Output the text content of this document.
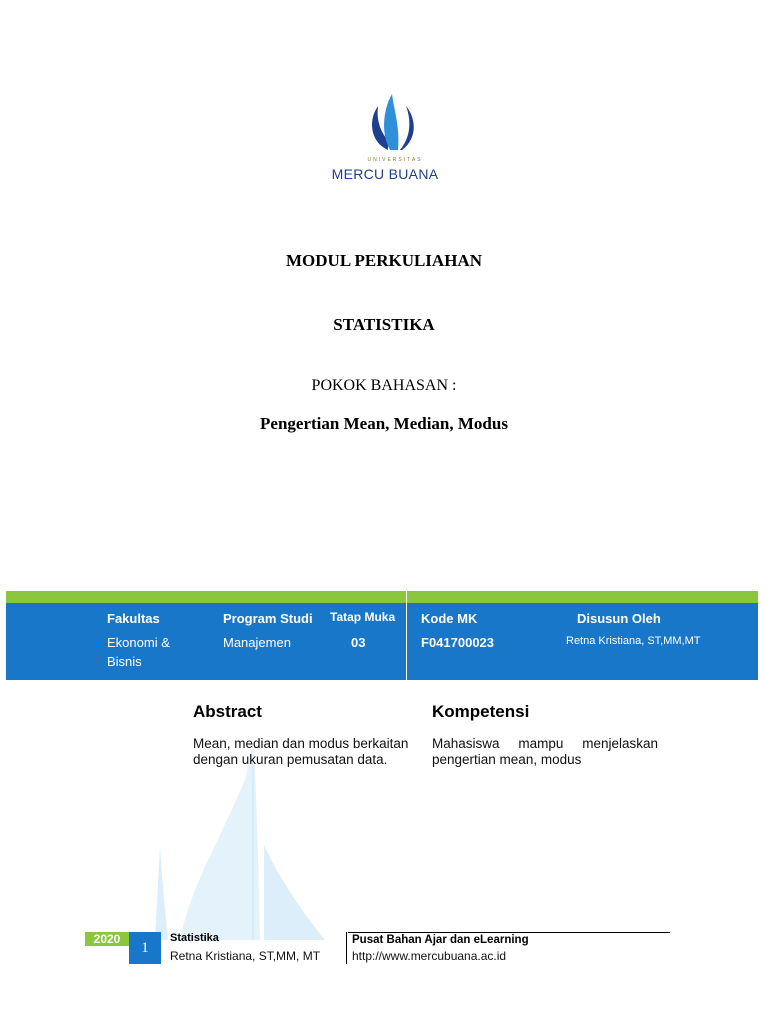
UNIVERSITAS
MERCU BUANA
MODUL PERKULIAHAN
STATISTIKA
POKOK BAHASAN :
Pengertian Mean, Median, Modus
Fakultas
Ekonomi &
Bisnis
Program Studi
Manajemen
Tatap Muka
03
Kode MK
F041700023
Disusun Oleh
Retna Kristiana, ST,MM,MT
Abstract
Mean, median dan modus berkaitan
dengan ukuran pemusatan data.
Kompetensi
Mahasiswa mampu menjelaskan
pengertian mean, modus
2020
1
Statistika
Retna Kristiana, ST,MM, MT
Pusat Bahan Ajar dan eLearning
http://www.mercubuana.ac.id
